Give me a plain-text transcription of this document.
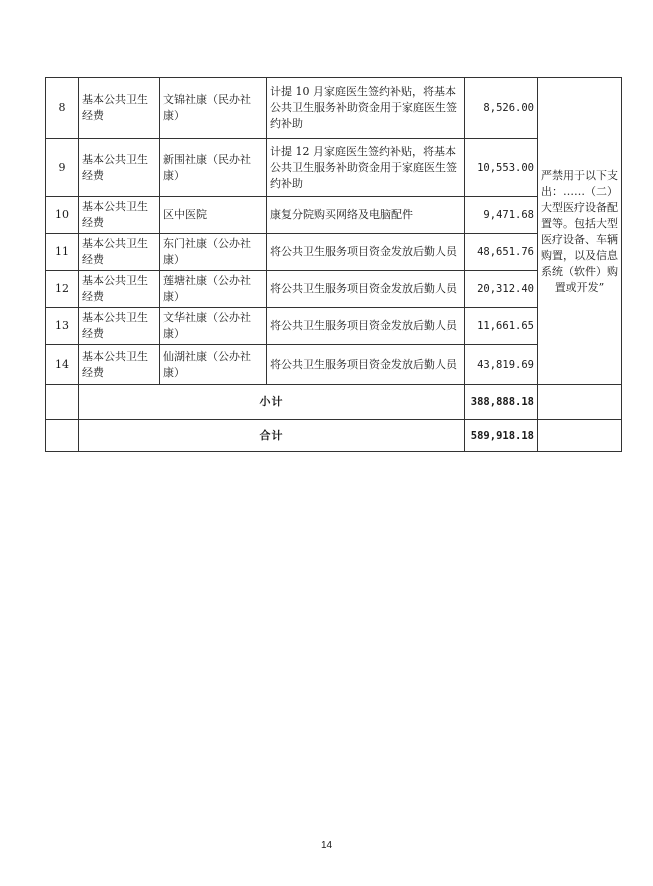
8	基本公共卫生经费	文锦社康（民办社康）	计提 10 月家庭医生签约补贴，将基本公共卫生服务补助资金用于家庭医生签约补助	8,526.00	严禁用于以下支出：……（二）大型医疗设备配置等。包括大型医疗设备、车辆购置，以及信息系统（软件）购
置或开发”

9	基本公共卫生经费	新围社康（民办社康）	计提 12 月家庭医生签约补贴，将基本公共卫生服务补助资金用于家庭医生签约补助	10,553.00	
10	基本公共卫生经费	区中医院	康复分院购买网络及电脑配件	9,471.68	
11	基本公共卫生经费	东门社康（公办社康）	将公共卫生服务项目资金发放后勤人员	48,651.76	
12	基本公共卫生经费	莲塘社康（公办社康）	将公共卫生服务项目资金发放后勤人员	20,312.40	
13	基本公共卫生经费	文华社康（公办社康）	将公共卫生服务项目资金发放后勤人员	11,661.65	
14	基本公共卫生经费	仙湖社康（公办社康）	将公共卫生服务项目资金发放后勤人员	43,819.69	
	小计			388,888.18	
	合计			589,918.18	
14
